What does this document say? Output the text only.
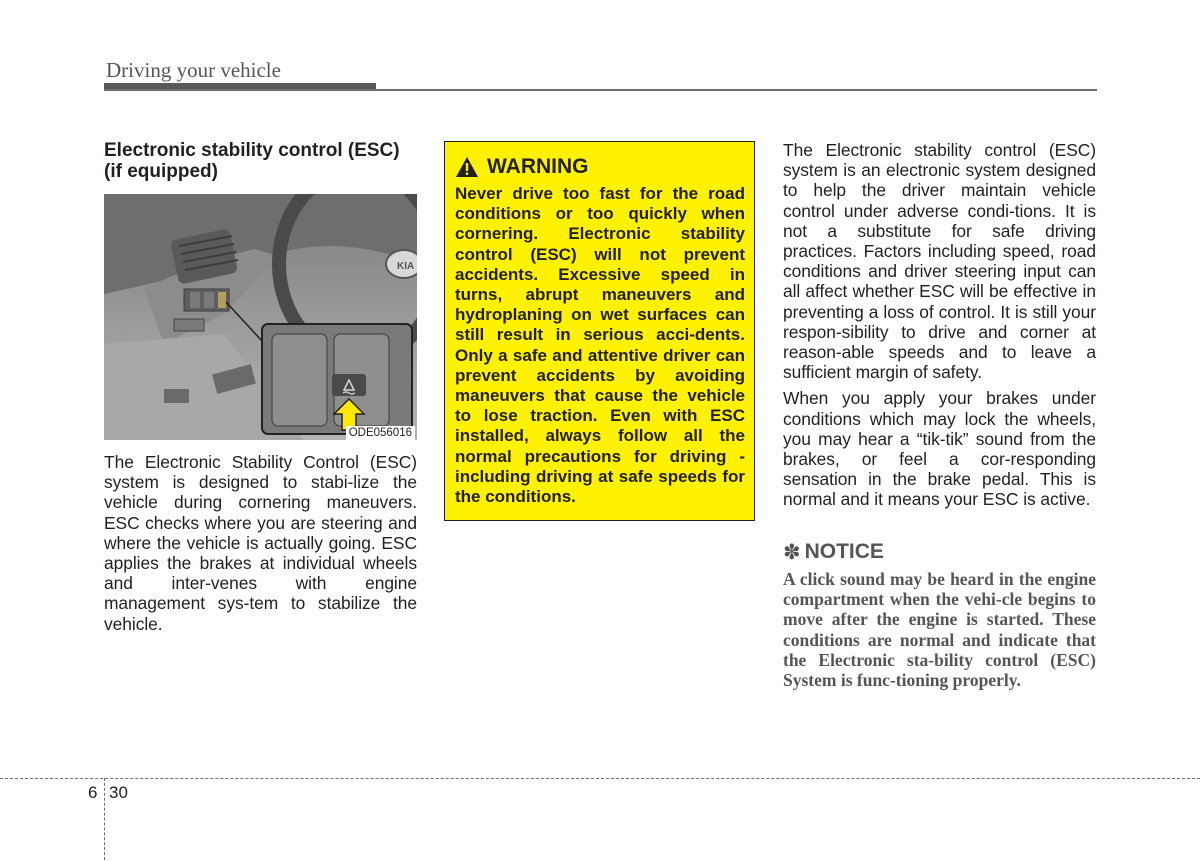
Driving your vehicle
Electronic stability control (ESC) (if equipped)
KIA
ODE056016

The Electronic Stability Control (ESC) system is designed to stabi-lize the vehicle during cornering maneuvers. ESC checks where you are steering and where the vehicle is actually going. ESC applies the brakes at individual wheels and inter-venes with engine management sys-tem to stabilize the vehicle.

WARNING

Never drive too fast for the road conditions or too quickly when cornering. Electronic stability control (ESC) will not prevent accidents. Excessive speed in turns, abrupt maneuvers and hydroplaning on wet surfaces can still result in serious acci-dents. Only a safe and attentive driver can prevent accidents by avoiding maneuvers that cause the vehicle to lose traction. Even with ESC installed, always follow all the normal precautions for driving - including driving at safe speeds for the conditions.

The Electronic stability control (ESC) system is an electronic system designed to help the driver maintain vehicle control under adverse condi-tions. It is not a substitute for safe driving practices. Factors including speed, road conditions and driver steering input can all affect whether ESC will be effective in preventing a loss of control. It is still your respon-sibility to drive and corner at reason-able speeds and to leave a sufficient margin of safety.

When you apply your brakes under conditions which may lock the wheels, you may hear a “tik-tik” sound from the brakes, or feel a cor-responding sensation in the brake pedal. This is normal and it means your ESC is active.

✽ NOTICE

A click sound may be heard in the engine compartment when the vehi-cle begins to move after the engine is started. These conditions are normal and indicate that the Electronic sta-bility control (ESC) System is func-tioning properly.

6 30
